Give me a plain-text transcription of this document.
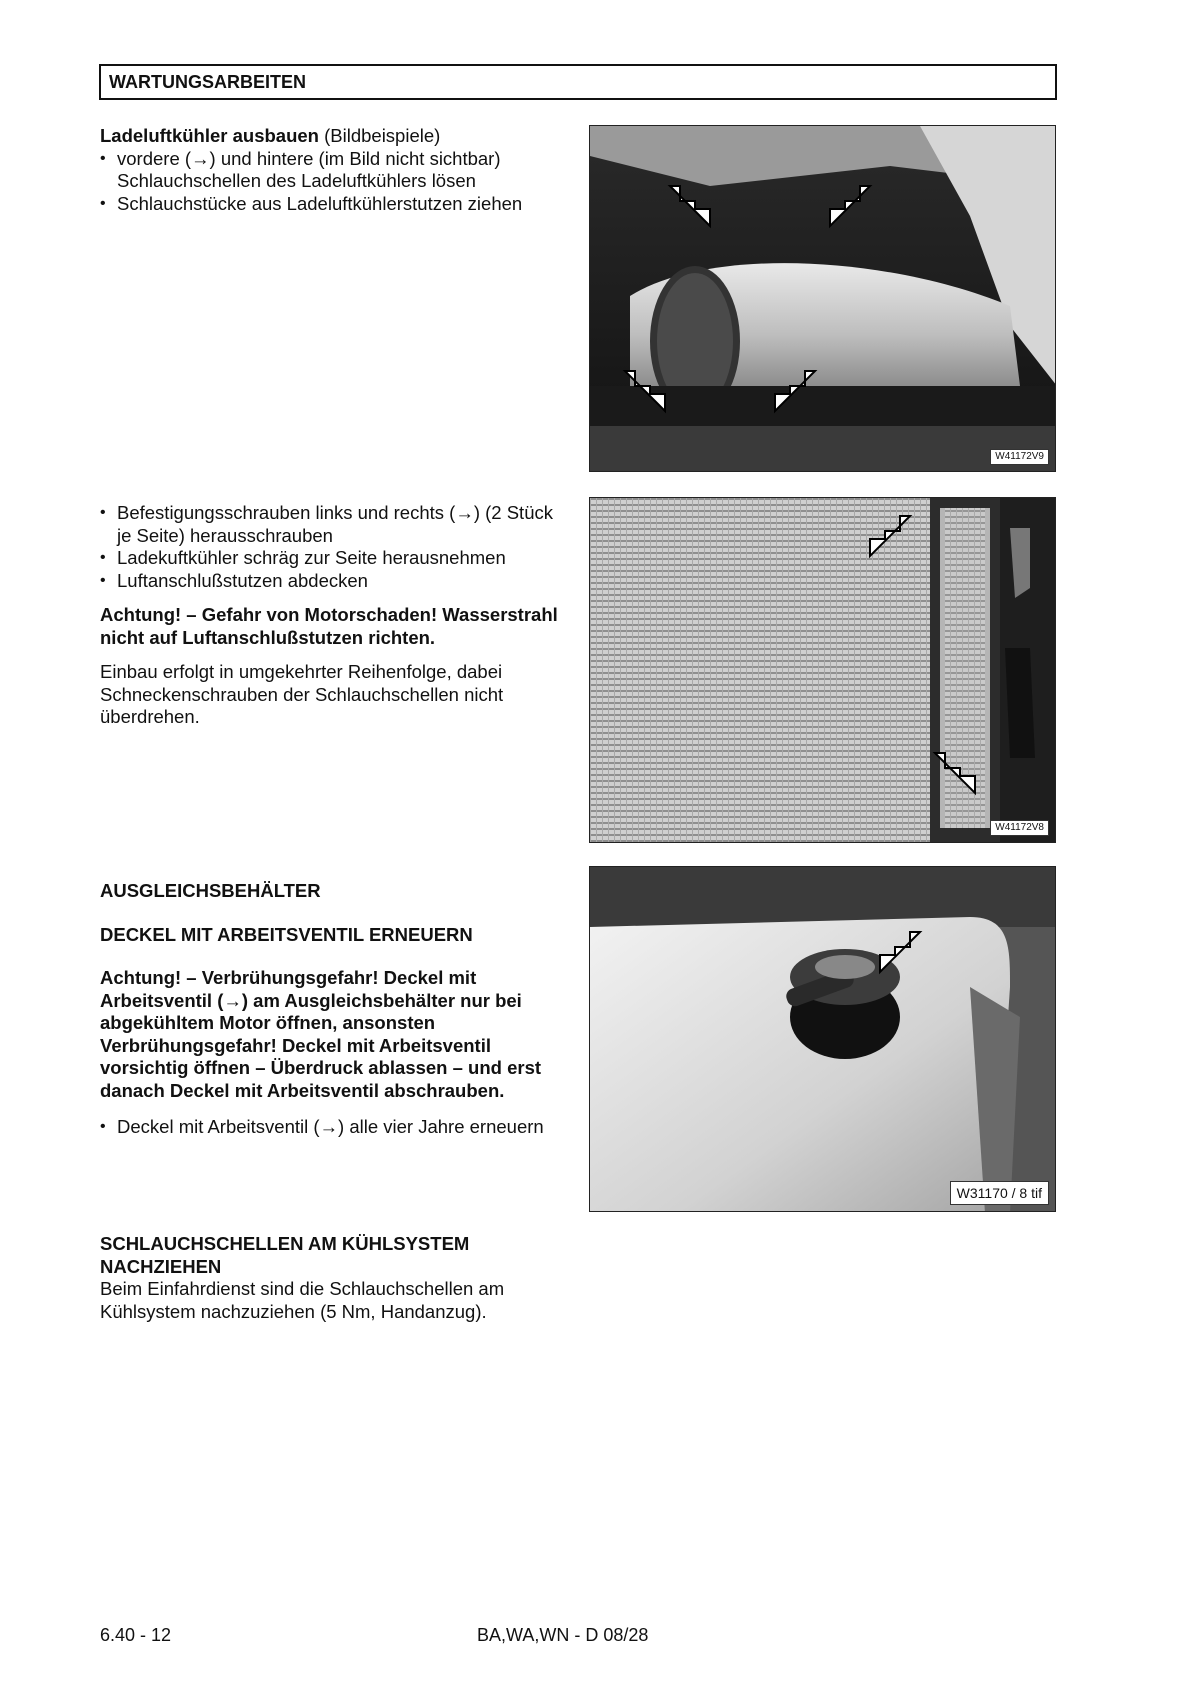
WARTUNGSARBEITEN

Ladeluftkühler ausbauen (Bildbeispiele)

• vordere (→) und hintere (im Bild nicht sichtbar) Schlauchschellen des Ladeluftkühlers lösen
• Schlauchstücke aus Ladeluftkühlerstutzen ziehen
W41172V9
• Befestigungsschrauben links und rechts (→) (2 Stück je Seite) herausschrauben
• Ladekuftkühler schräg zur Seite herausnehmen
• Luftanschlußstutzen abdecken

Achtung! – Gefahr von Motorschaden! Wasserstrahl nicht auf Luftanschlußstutzen richten.

Einbau erfolgt in umgekehrter Reihenfolge, dabei Schneckenschrauben der Schlauchschellen nicht überdrehen.

W41172V8

AUSGLEICHSBEHÄLTER

DECKEL MIT ARBEITSVENTIL ERNEUERN

Achtung! – Verbrühungsgefahr! Deckel mit Arbeitsventil (→) am Ausgleichsbehälter nur bei abgekühltem Motor öffnen, ansonsten Verbrühungsgefahr! Deckel mit Arbeitsventil vorsichtig öffnen – Überdruck ablassen – und erst danach Deckel mit Arbeitsventil abschrauben.

• Deckel mit Arbeitsventil (→) alle vier Jahre erneuern
W31170 / 8 tif

SCHLAUCHSCHELLEN AM KÜHLSYSTEM NACHZIEHEN

Beim Einfahrdienst sind die Schlauchschellen am Kühlsystem nachzuziehen (5 Nm, Handanzug).

6.40 - 12	BA,WA,WN - D 08/28
